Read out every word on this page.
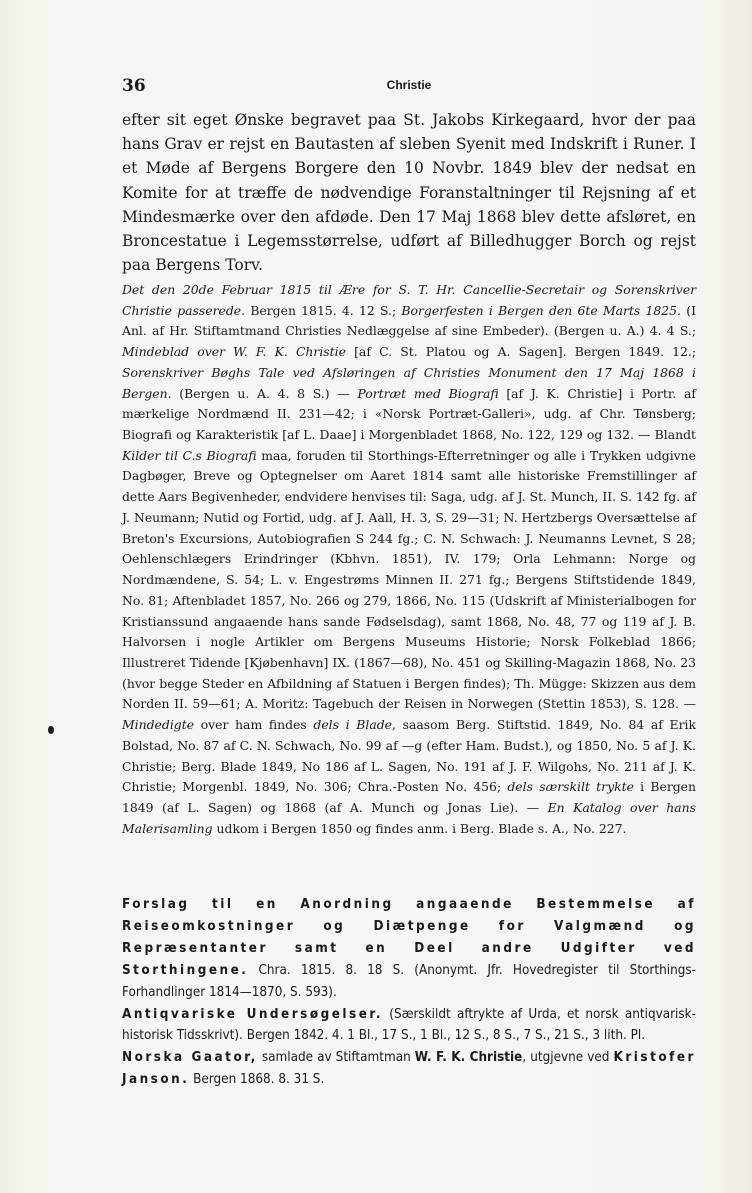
36	Christie

efter sit eget Ønske begravet paa St. Jakobs Kirkegaard, hvor der paa hans Grav er rejst en Bautasten af sleben Syenit med Indskrift i Runer. I et Møde af Bergens Borgere den 10 Novbr. 1849 blev der nedsat en Komite for at træffe de nødvendige Foranstaltninger til Rejsning af et Mindesmærke over den afdøde. Den 17 Maj 1868 blev dette afsløret, en Broncestatue i Legemsstørrelse, udført af Billedhugger Borch og rejst paa Bergens Torv.

Det den 20de Februar 1815 til Ære for S. T. Hr. Cancellie-Secretair og Sorenskriver Christie passerede. Bergen 1815. 4. 12 S.; Borgerfesten i Bergen den 6te Marts 1825. (I Anl. af Hr. Stiftamtmand Christies Nedlæggelse af sine Embeder). (Bergen u. A.) 4. 4 S.; Mindeblad over W. F. K. Christie [af C. St. Platou og A. Sagen]. Bergen 1849. 12.; Sorenskriver Bøghs Tale ved Afsløringen af Christies Monument den 17 Maj 1868 i Bergen. (Bergen u. A. 4. 8 S.) — Portræt med Biografi [af J. K. Christie] i Portr. af mærkelige Nordmænd II. 231—42; i «Norsk Portræt-Galleri», udg. af Chr. Tønsberg; Biografi og Karakteristik [af L. Daae] i Morgenbladet 1868, No. 122, 129 og 132. — Blandt Kilder til C.s Biografi maa, foruden til Storthings-Efterretninger og alle i Trykken udgivne Dagbøger, Breve og Optegnelser om Aaret 1814 samt alle historiske Fremstillinger af dette Aars Begivenheder, endvidere henvises til: Saga, udg. af J. St. Munch, II. S. 142 fg. af J. Neumann; Nutid og Fortid, udg. af J. Aall, H. 3, S. 29—31; N. Hertzbergs Oversættelse af Breton's Excursions, Autobiografien S 244 fg.; C. N. Schwach: J. Neumanns Levnet, S 28; Oehlenschlægers Erindringer (Kbhvn. 1851), IV. 179; Orla Lehmann: Norge og Nordmændene, S. 54; L. v. Engestrøms Minnen II. 271 fg.; Bergens Stiftstidende 1849, No. 81; Aftenbladet 1857, No. 266 og 279, 1866, No. 115 (Udskrift af Ministerialbogen for Kristianssund angaaende hans sande Fødselsdag), samt 1868, No. 48, 77 og 119 af J. B. Halvorsen i nogle Artikler om Bergens Museums Historie; Norsk Folkeblad 1866; Illustreret Tidende [Kjøbenhavn] IX. (1867—68), No. 451 og Skilling-Magazin 1868, No. 23 (hvor begge Steder en Afbildning af Statuen i Bergen findes); Th. Mügge: Skizzen aus dem Norden II. 59—61; A. Moritz: Tagebuch der Reisen in Norwegen (Stettin 1853), S. 128. — Mindedigte over ham findes dels i Blade, saasom Berg. Stiftstid. 1849, No. 84 af Erik Bolstad, No. 87 af C. N. Schwach, No. 99 af —g (efter Ham. Budst.), og 1850, No. 5 af J. K. Christie; Berg. Blade 1849, No 186 af L. Sagen, No. 191 af J. F. Wilgohs, No. 211 af J. K. Christie; Morgenbl. 1849, No. 306; Chra.-Posten No. 456; dels særskilt trykte i Bergen 1849 (af L. Sagen) og 1868 (af A. Munch og Jonas Lie). — En Katalog over hans Malerisamling udkom i Bergen 1850 og findes anm. i Berg. Blade s. A., No. 227.

Forslag til en Anordning angaaende Bestemmelse af Reiseomkostninger og Diætpenge for Valgmænd og Repræsentanter samt en Deel andre Udgifter ved Storthingene. Chra. 1815. 8. 18 S. (Anonymt. Jfr. Hovedregister til Storthings-Forhandlinger 1814—1870, S. 593).

Antiqvariske Undersøgelser. (Særskildt aftrykte af Urda, et norsk antiqvarisk-historisk Tidsskrivt). Bergen 1842. 4. 1 Bl., 17 S., 1 Bl., 12 S., 8 S., 7 S., 21 S., 3 lith. Pl.

Norska Gaator, samlade av Stiftamtman W. F. K. Christie, utgjevne ved Kristofer Janson. Bergen 1868. 8. 31 S.
